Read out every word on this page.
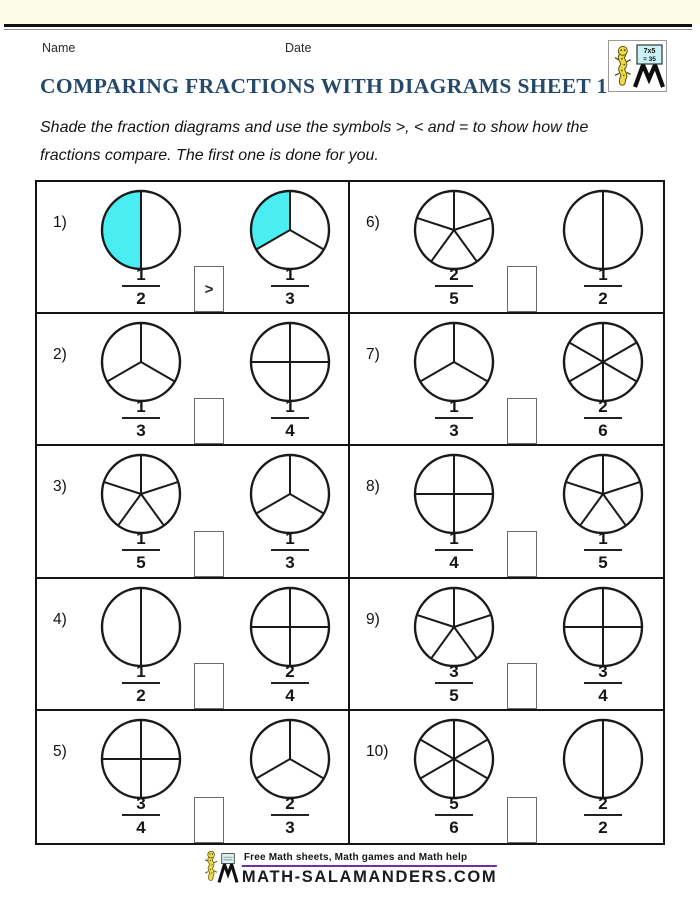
Name	Date	7x5
= 35
COMPARING FRACTIONS WITH DIAGRAMS SHEET 1

Shade the fraction diagrams and use the symbols >, < and = to show how the
fractions compare. The first one is done for you.

1)
1
2
1
3
>
6)
2
5
1
2
2)
1
3
1
4
7)
1
3
2
6
3)
1
5
1
3
8)
1
4
1
5
4)
1
2
2
4
9)
3
5
3
4
5)
3
4
2
3
10)
5
6
2
2
Free Math sheets, Math games and Math help
MATH-SALAMANDERS.COM
